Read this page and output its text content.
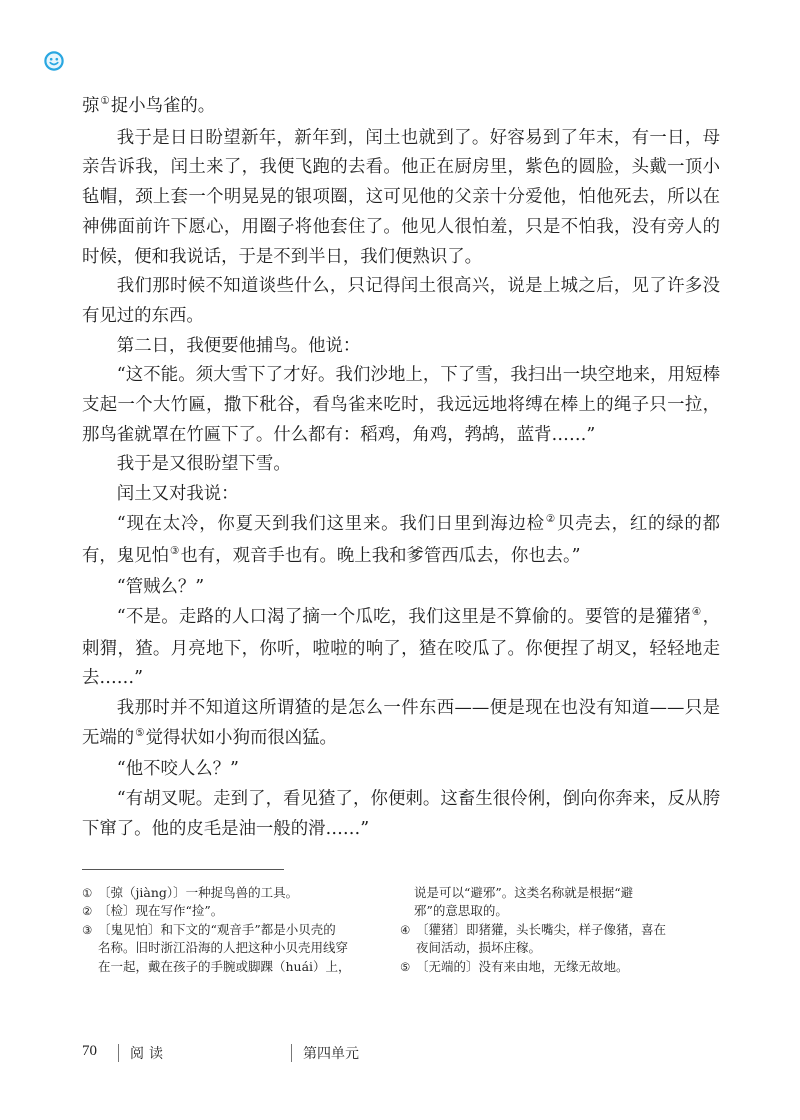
弶①捉小鸟雀的。

我于是日日盼望新年，新年到，闰土也就到了。好容易到了年末，有一日，母亲告诉我，闰土来了，我便飞跑的去看。他正在厨房里，紫色的圆脸，头戴一顶小毡帽，颈上套一个明晃晃的银项圈，这可见他的父亲十分爱他，怕他死去，所以在神佛面前许下愿心，用圈子将他套住了。他见人很怕羞，只是不怕我，没有旁人的时候，便和我说话，于是不到半日，我们便熟识了。

我们那时候不知道谈些什么，只记得闰土很高兴，说是上城之后，见了许多没有见过的东西。

第二日，我便要他捕鸟。他说：

“这不能。须大雪下了才好。我们沙地上，下了雪，我扫出一块空地来，用短棒支起一个大竹匾，撒下秕谷，看鸟雀来吃时，我远远地将缚在棒上的绳子只一拉，那鸟雀就罩在竹匾下了。什么都有：稻鸡，角鸡，鹁鸪，蓝背……”

我于是又很盼望下雪。

闰土又对我说：

“现在太冷，你夏天到我们这里来。我们日里到海边检②贝壳去，红的绿的都有，鬼见怕③也有，观音手也有。晚上我和爹管西瓜去，你也去。”

“管贼么？”

“不是。走路的人口渴了摘一个瓜吃，我们这里是不算偷的。要管的是獾猪④，刺猬，猹。月亮地下，你听，啦啦的响了，猹在咬瓜了。你便捏了胡叉，轻轻地走去……”

我那时并不知道这所谓猹的是怎么一件东西——便是现在也没有知道——只是无端的⑤觉得状如小狗而很凶猛。

“他不咬人么？”

“有胡叉呢。走到了，看见猹了，你便刺。这畜生很伶俐，倒向你奔来，反从胯下窜了。他的皮毛是油一般的滑……”

① 〔弶（jiàng）〕一种捉鸟兽的工具。
② 〔检〕现在写作“捡”。
③ 〔鬼见怕〕和下文的“观音手”都是小贝壳的
名称。旧时浙江沿海的人把这种小贝壳用线穿
在一起，戴在孩子的手腕或脚踝（huái）上，

说是可以“避邪”。这类名称就是根据“避
邪”的意思取的。

④ 〔獾猪〕即猪獾，头长嘴尖，样子像猪，喜在
夜间活动，损坏庄稼。
⑤ 〔无端的〕没有来由地，无缘无故地。
70 阅读	第四单元
